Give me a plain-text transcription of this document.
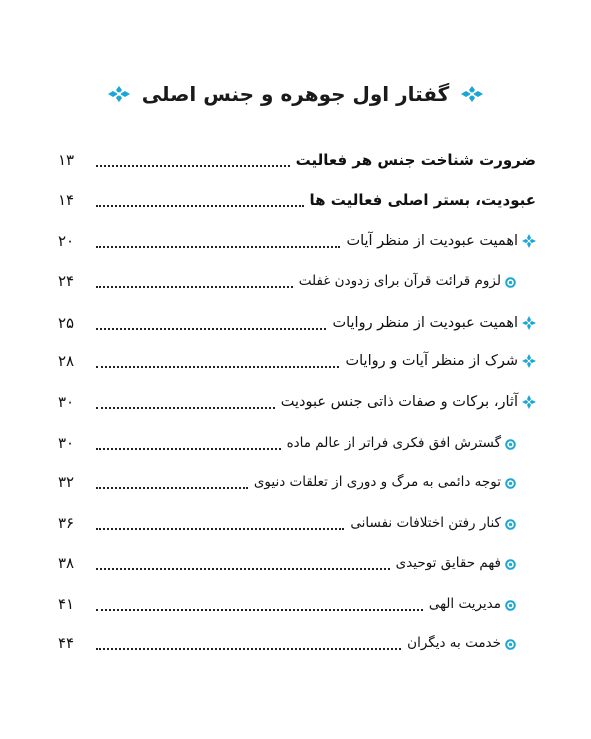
گفتار اول جوهره و جنس اصلی
ضرورت شناخت جنس هر فعالیت
۱۳
عبودیت، بستر اصلی فعالیت ها
۱۴
اهمیت عبودیت از منظر آیات
۲۰
لزوم قرائت قرآن برای زدودن غفلت
۲۴
اهمیت عبودیت از منظر روایات
۲۵
شرک از منظر آیات و روایات
۲۸
آثار، برکات و صفات ذاتی جنس عبودیت
۳۰
گسترش افق فکری فراتر از عالم ماده
۳۰
توجه دائمی به مرگ و دوری از تعلقات دنیوی
۳۲
کنار رفتن اختلافات نفسانی
۳۶
فهم حقایق توحیدی
۳۸
مدیریت الهی
۴۱
خدمت به دیگران
۴۴
